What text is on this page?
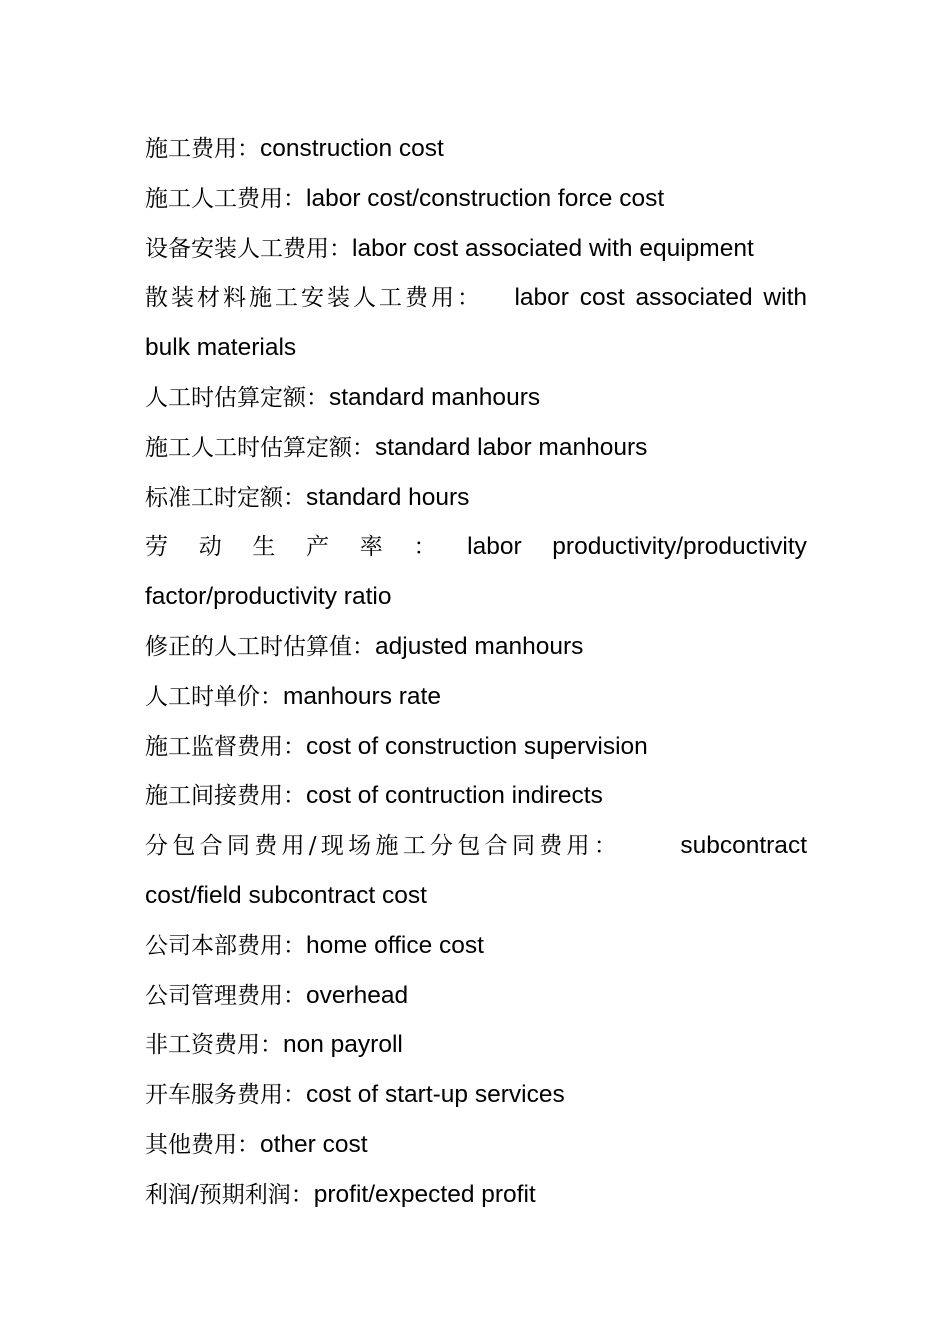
施工费用：construction cost
施工人工费用：labor cost/construction force cost
设备安装人工费用：labor cost associated with equipment
散装材料施工安装人工费用： labor cost associated with
bulk materials
人工时估算定额：standard manhours
施工人工时估算定额：standard labor manhours
标准工时定额：standard hours
劳 动 生 产 率 ： labor productivity/productivity
factor/productivity ratio
修正的人工时估算值：adjusted manhours
人工时单价：manhours rate
施工监督费用：cost of construction supervision
施工间接费用：cost of contruction indirects
分包合同费用/现场施工分包合同费用： subcontract
cost/field subcontract cost
公司本部费用：home office cost
公司管理费用：overhead
非工资费用：non payroll
开车服务费用：cost of start-up services
其他费用：other cost
利润/预期利润：profit/expected profit
